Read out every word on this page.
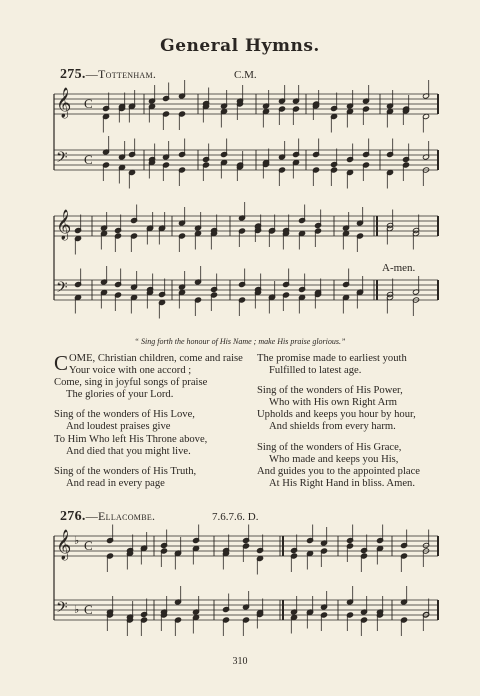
General Hymns.
275.—Tottenham.	C.M.
𝄞
𝄢
C
C
𝄞
𝄢
A-men.
“ Sing forth the honour of His Name ; make His praise glorious.”

COME, Christian children, come and raise

Your voice with one accord ;
Come, sing in joyful songs of praise

The glories of your Lord.

Sing of the wonders of His Love,

And loudest praises give
To Him Who left His Throne above,

And died that you might live.

Sing of the wonders of His Truth,

And read in every page

The promise made to earliest youth

Fulfilled to latest age.

Sing of the wonders of His Power,

Who with His own Right Arm
Upholds and keeps you hour by hour,

And shields from every harm.

Sing of the wonders of His Grace,

Who made and keeps you His,
And guides you to the appointed place

At His Right Hand in bliss. Amen.

276.—Ellacombe.	7.6.7.6. D.
𝄞
𝄢
C
C
♭
♭
310
